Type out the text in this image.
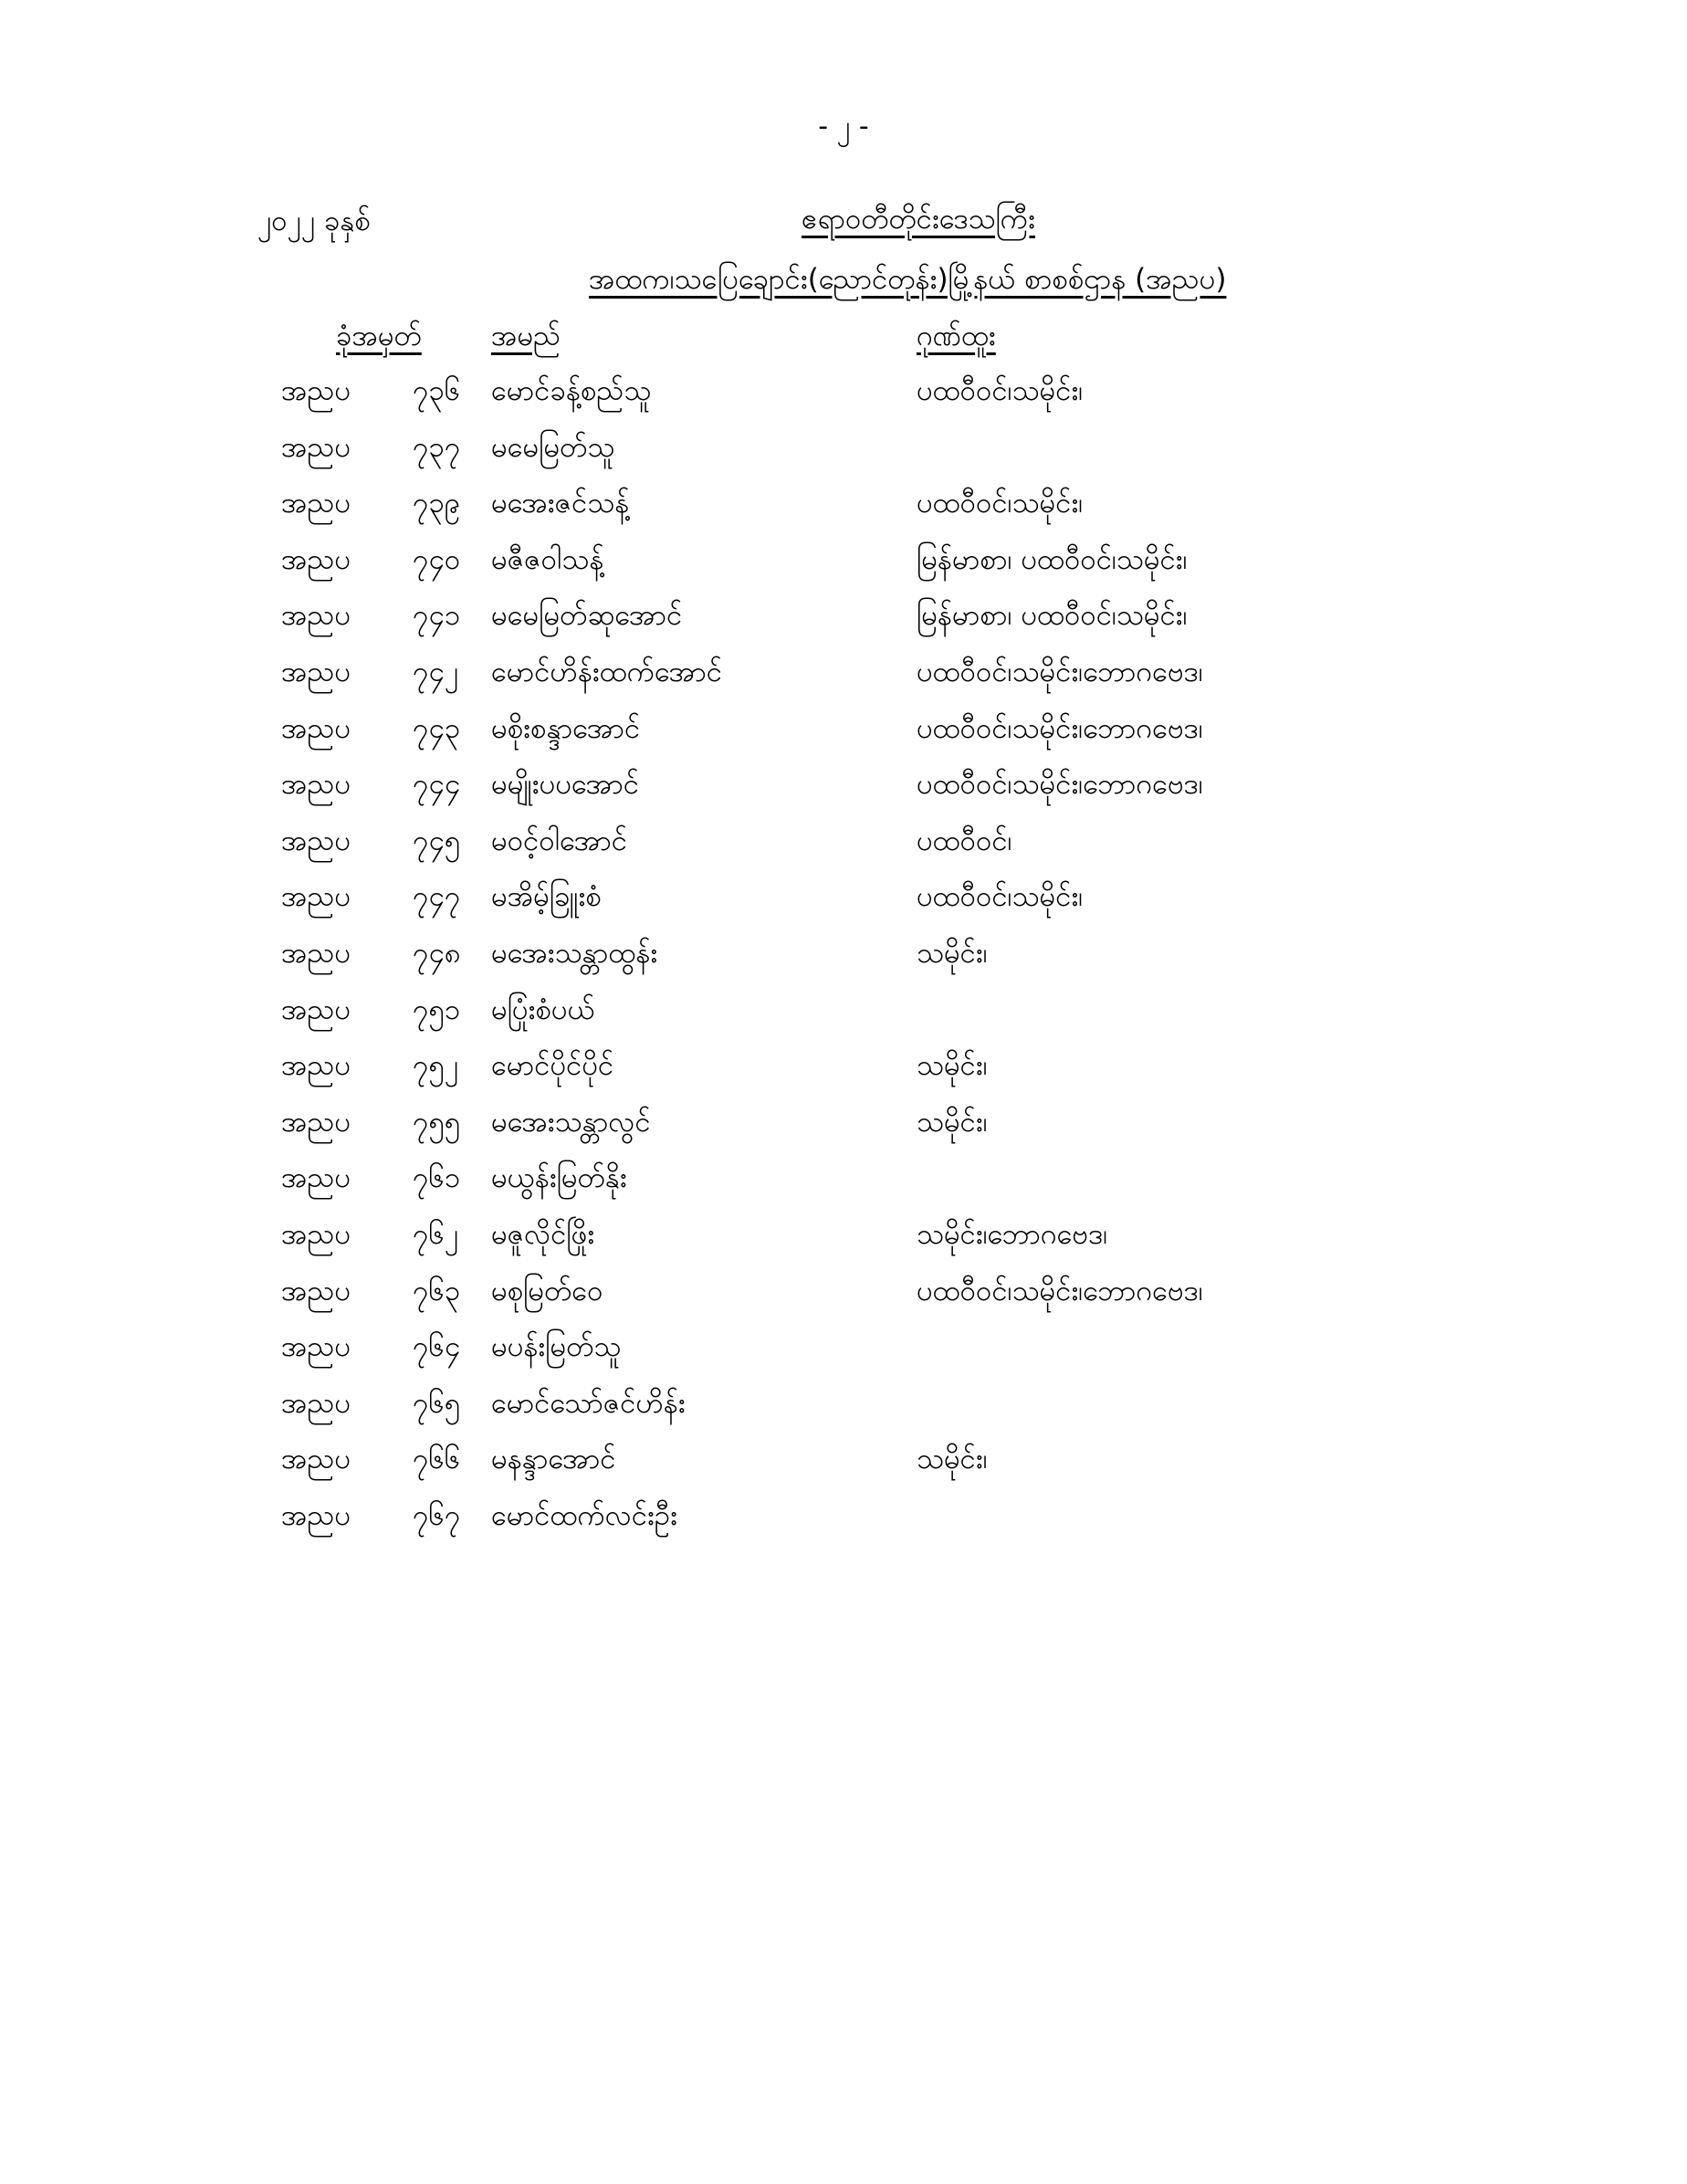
- ၂ -
၂၀၂၂ ခုနှစ်	ဧရာဝတီတိုင်းဒေသကြီး
အထက၊သပြေချောင်း(ညောင်တုန်း)မြို့နယ် စာစစ်ဌာန (အညပ)
ခုံအမှတ် အမည်	ဂုဏ်ထူး
အညပ ၇၃၆ မောင်ခန့်စည်သူ	ပထဝီဝင်၊သမိုင်း၊
အညပ ၇၃၇ မမေမြတ်သူ
အညပ ၇၃၉ မအေးဇင်သန့်	ပထဝီဝင်၊သမိုင်း၊
အညပ ၇၄၀ မဇီဇဝါသန့်	မြန်မာစာ၊ ပထဝီဝင်၊သမိုင်း၊
အညပ ၇၄၁ မမေမြတ်ဆုအောင်	မြန်မာစာ၊ ပထဝီဝင်၊သမိုင်း၊
အညပ ၇၄၂ မောင်ဟိန်းထက်အောင်	ပထဝီဝင်၊သမိုင်း၊ဘောဂဗေဒ၊
အညပ ၇၄၃ မစိုးစန္ဒာအောင်	ပထဝီဝင်၊သမိုင်း၊ဘောဂဗေဒ၊
အညပ ၇၄၄ မမျိုးပပအောင်	ပထဝီဝင်၊သမိုင်း၊ဘောဂဗေဒ၊
အညပ ၇၄၅ မဝင့်ဝါအောင်	ပထဝီဝင်၊
အညပ ၇၄၇ မအိမ့်ခြူးစံ	ပထဝီဝင်၊သမိုင်း၊
အညပ ၇၄၈ မအေးသန္တာထွန်း	သမိုင်း၊
အညပ ၇၅၁ မပြုံးစံပယ်
အညပ ၇၅၂ မောင်ပိုင်ပိုင်	သမိုင်း၊
အညပ ၇၅၅ မအေးသန္တာလွင်	သမိုင်း၊
အညပ ၇၆၁ မယွန်းမြတ်နိုး
အညပ ၇၆၂ မဇူလိုင်ဖြိုး	သမိုင်း၊ဘောဂဗေဒ၊
အညပ ၇၆၃ မစုမြတ်ဝေ	ပထဝီဝင်၊သမိုင်း၊ဘောဂဗေဒ၊
အညပ ၇၆၄ မပန်းမြတ်သူ
အညပ ၇၆၅ မောင်သော်ဇင်ဟိန်း
အညပ ၇၆၆ မနန္ဒာအောင်	သမိုင်း၊
အညပ ၇၆၇ မောင်ထက်လင်းဦး
